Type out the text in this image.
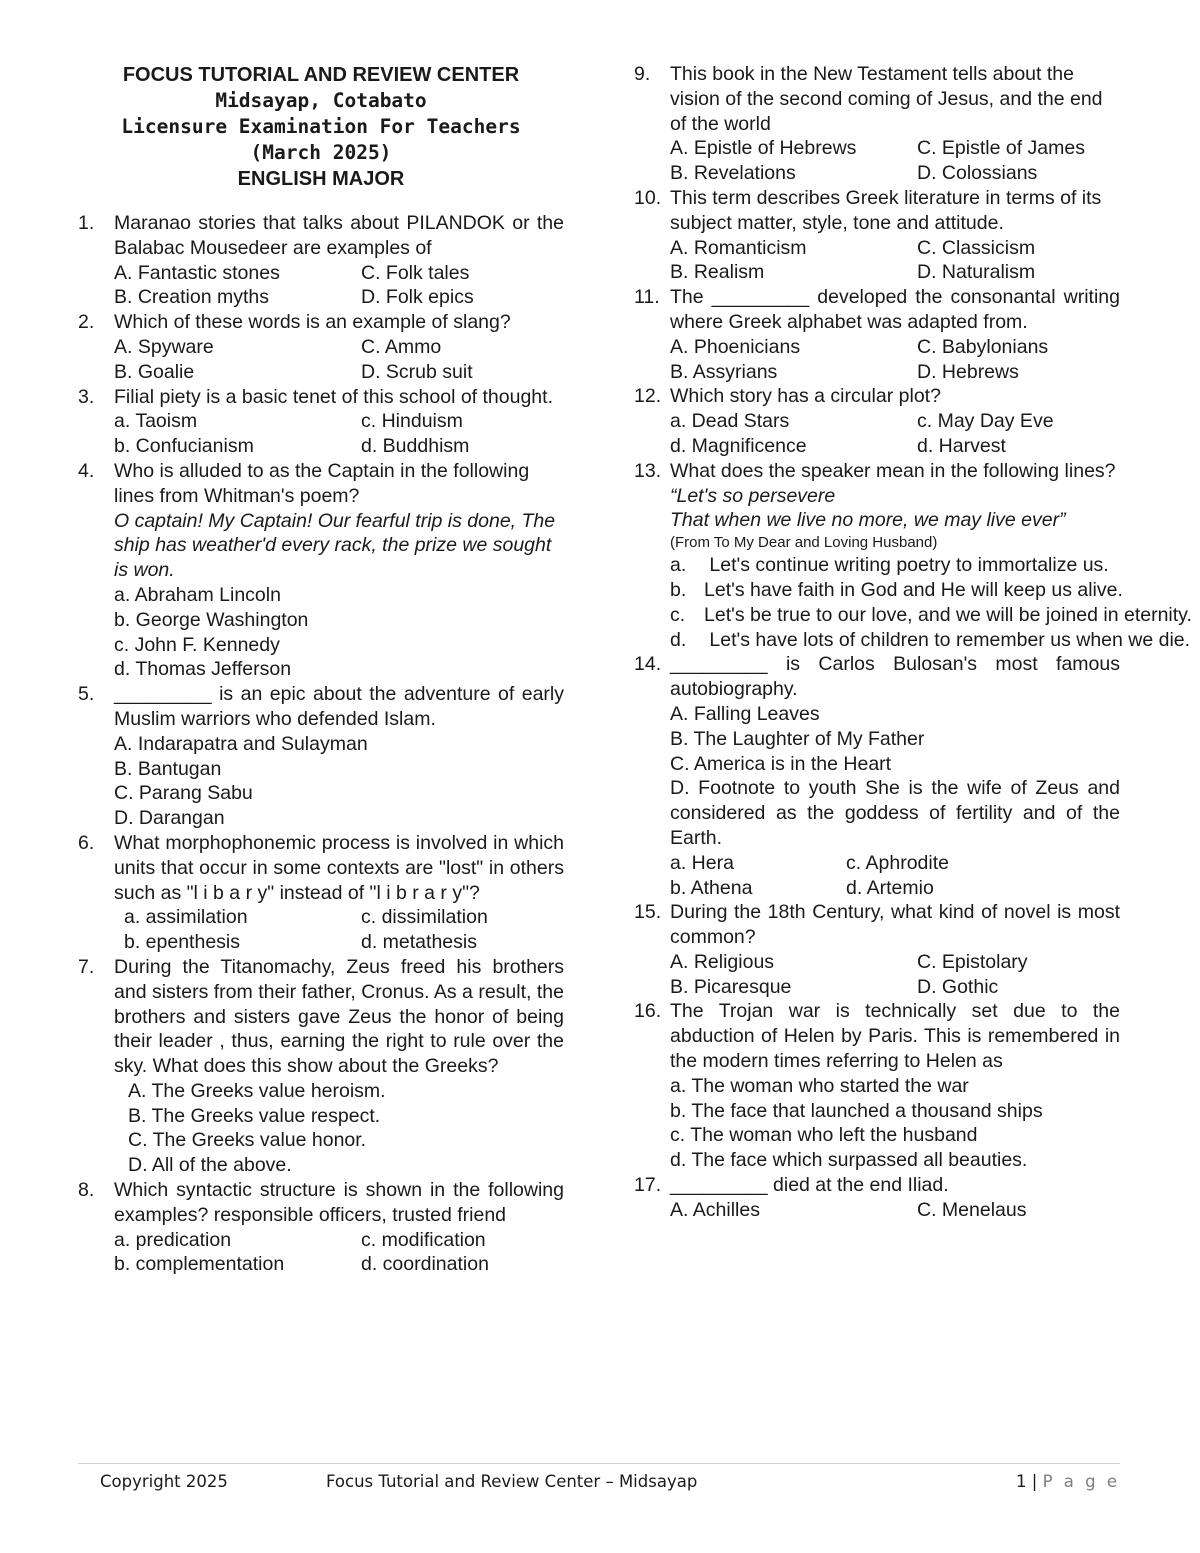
FOCUS TUTORIAL AND REVIEW CENTER
Midsayap, Cotabato
Licensure Examination For Teachers
(March 2025)
ENGLISH MAJOR
1. Maranao stories that talks about PILANDOK or the Balabac Mousedeer are examples of
A. Fantastic stones	C. Folk tales
B. Creation myths	D. Folk epics
2. Which of these words is an example of slang?
A. Spyware	C. Ammo
B. Goalie	D. Scrub suit
3. Filial piety is a basic tenet of this school of thought.
a. Taoism	c. Hinduism
b. Confucianism	d. Buddhism
4. Who is alluded to as the Captain in the following lines from Whitman's poem?
O captain! My Captain! Our fearful trip is done, The ship has weather'd every rack, the prize we sought is won.
a. Abraham Lincoln
b. George Washington
c. John F. Kennedy
d. Thomas Jefferson
5. _________ is an epic about the adventure of early Muslim warriors who defended Islam.
A. Indarapatra and Sulayman
B. Bantugan
C. Parang Sabu
D. Darangan
6. What morphophonemic process is involved in which units that occur in some contexts are "lost" in others such as "l i b a r y" instead of "l i b r a r y"?
a. assimilation	c. dissimilation
b. epenthesis	d. metathesis
7. During the Titanomachy, Zeus freed his brothers and sisters from their father, Cronus. As a result, the brothers and sisters gave Zeus the honor of being their leader , thus, earning the right to rule over the sky. What does this show about the Greeks?
A. The Greeks value heroism.
B. The Greeks value respect.
C. The Greeks value honor.
D. All of the above.
8. Which syntactic structure is shown in the following examples? responsible officers, trusted friend
a. predication	c. modification
b. complementation	d. coordination
9. This book in the New Testament tells about the vision of the second coming of Jesus, and the end of the world
A. Epistle of Hebrews	C. Epistle of James
B. Revelations	D. Colossians
10. This term describes Greek literature in terms of its subject matter, style, tone and attitude.
A. Romanticism	C. Classicism
B. Realism	D. Naturalism
11. The _________ developed the consonantal writing where Greek alphabet was adapted from.
A. Phoenicians	C. Babylonians
B. Assyrians	D. Hebrews
12. Which story has a circular plot?
a. Dead Stars	c. May Day Eve
d. Magnificence	d. Harvest
13. What does the speaker mean in the following lines?
“Let's so persevere
That when we live no more, we may live ever”
(From To My Dear and Loving Husband)
a. Let's continue writing poetry to immortalize us.
b. Let's have faith in God and He will keep us alive.
c. Let's be true to our love, and we will be joined in eternity.
d. Let's have lots of children to remember us when we die.
14. _________ is Carlos Bulosan's most famous autobiography.
A. Falling Leaves
B. The Laughter of My Father
C. America is in the Heart
D. Footnote to youth She is the wife of Zeus and considered as the goddess of fertility and of the Earth.
a. Hera	c. Aphrodite
b. Athena	d. Artemio
15. During the 18th Century, what kind of novel is most common?
A. Religious	C. Epistolary
B. Picaresque	D. Gothic
16. The Trojan war is technically set due to the abduction of Helen by Paris. This is remembered in the modern times referring to Helen as
a. The woman who started the war
b. The face that launched a thousand ships
c. The woman who left the husband
d. The face which surpassed all beauties.
17. _________ died at the end Iliad.
A. Achilles	C. Menelaus
Copyright 2025	Focus Tutorial and Review Center – Midsayap	1 | P a g e
